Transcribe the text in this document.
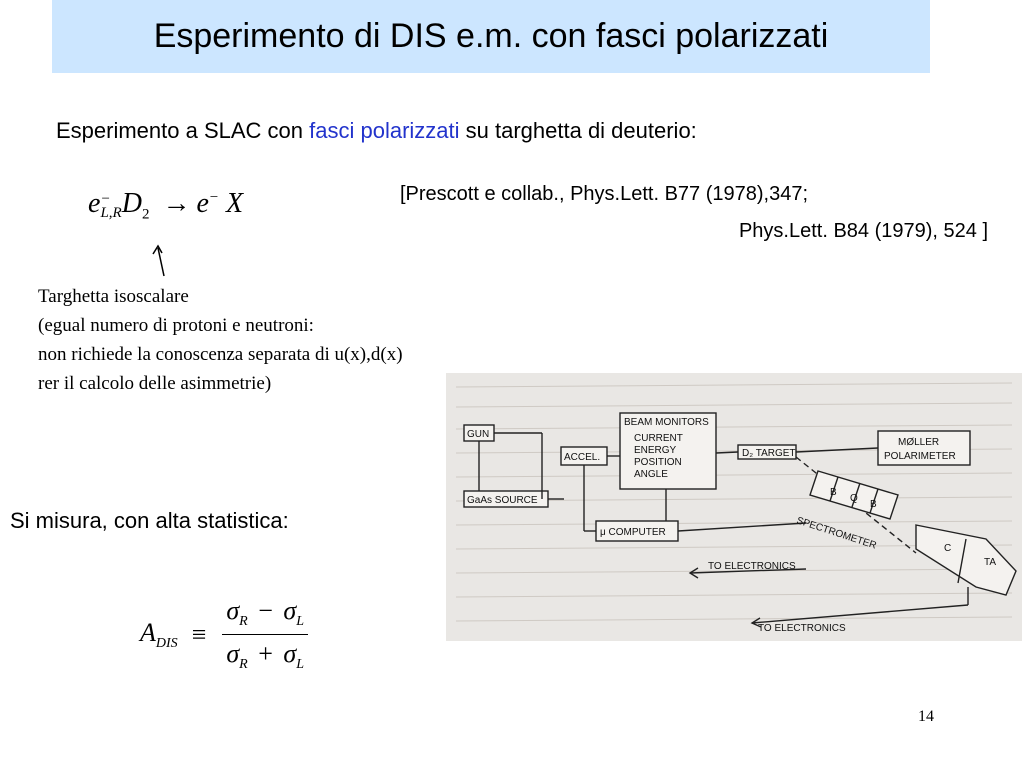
Esperimento di DIS e.m. con fasci polarizzati
Esperimento a SLAC con fasci polarizzati su targhetta di deuterio:
e −
L,R $D_2 \to e^-$ X	[Prescott e collab., Phys.Lett. B77 (1978),347;
Phys.Lett. B84 (1979), 524 ]
Targhetta isoscalare
(egual numero di protoni e neutroni:
non richiede la conoscenza separata di u(x),d(x)
rer il calcolo delle asimmetrie)
GUN
ACCEL.
GaAs SOURCE
BEAM MONITORS
CURRENT
ENERGY
POSITION
ANGLE
D₂ TARGET
MØLLER
POLARIMETER
μ COMPUTER
B
Q
B
SPECTROMETER	C
TA
TO ELECTRONICS
TO ELECTRONICS
Si misura, con alta statistica:
$A_{DIS} \equiv \frac{\sigma_R - \sigma_L}{\sigma_R + \sigma_L}$
14
